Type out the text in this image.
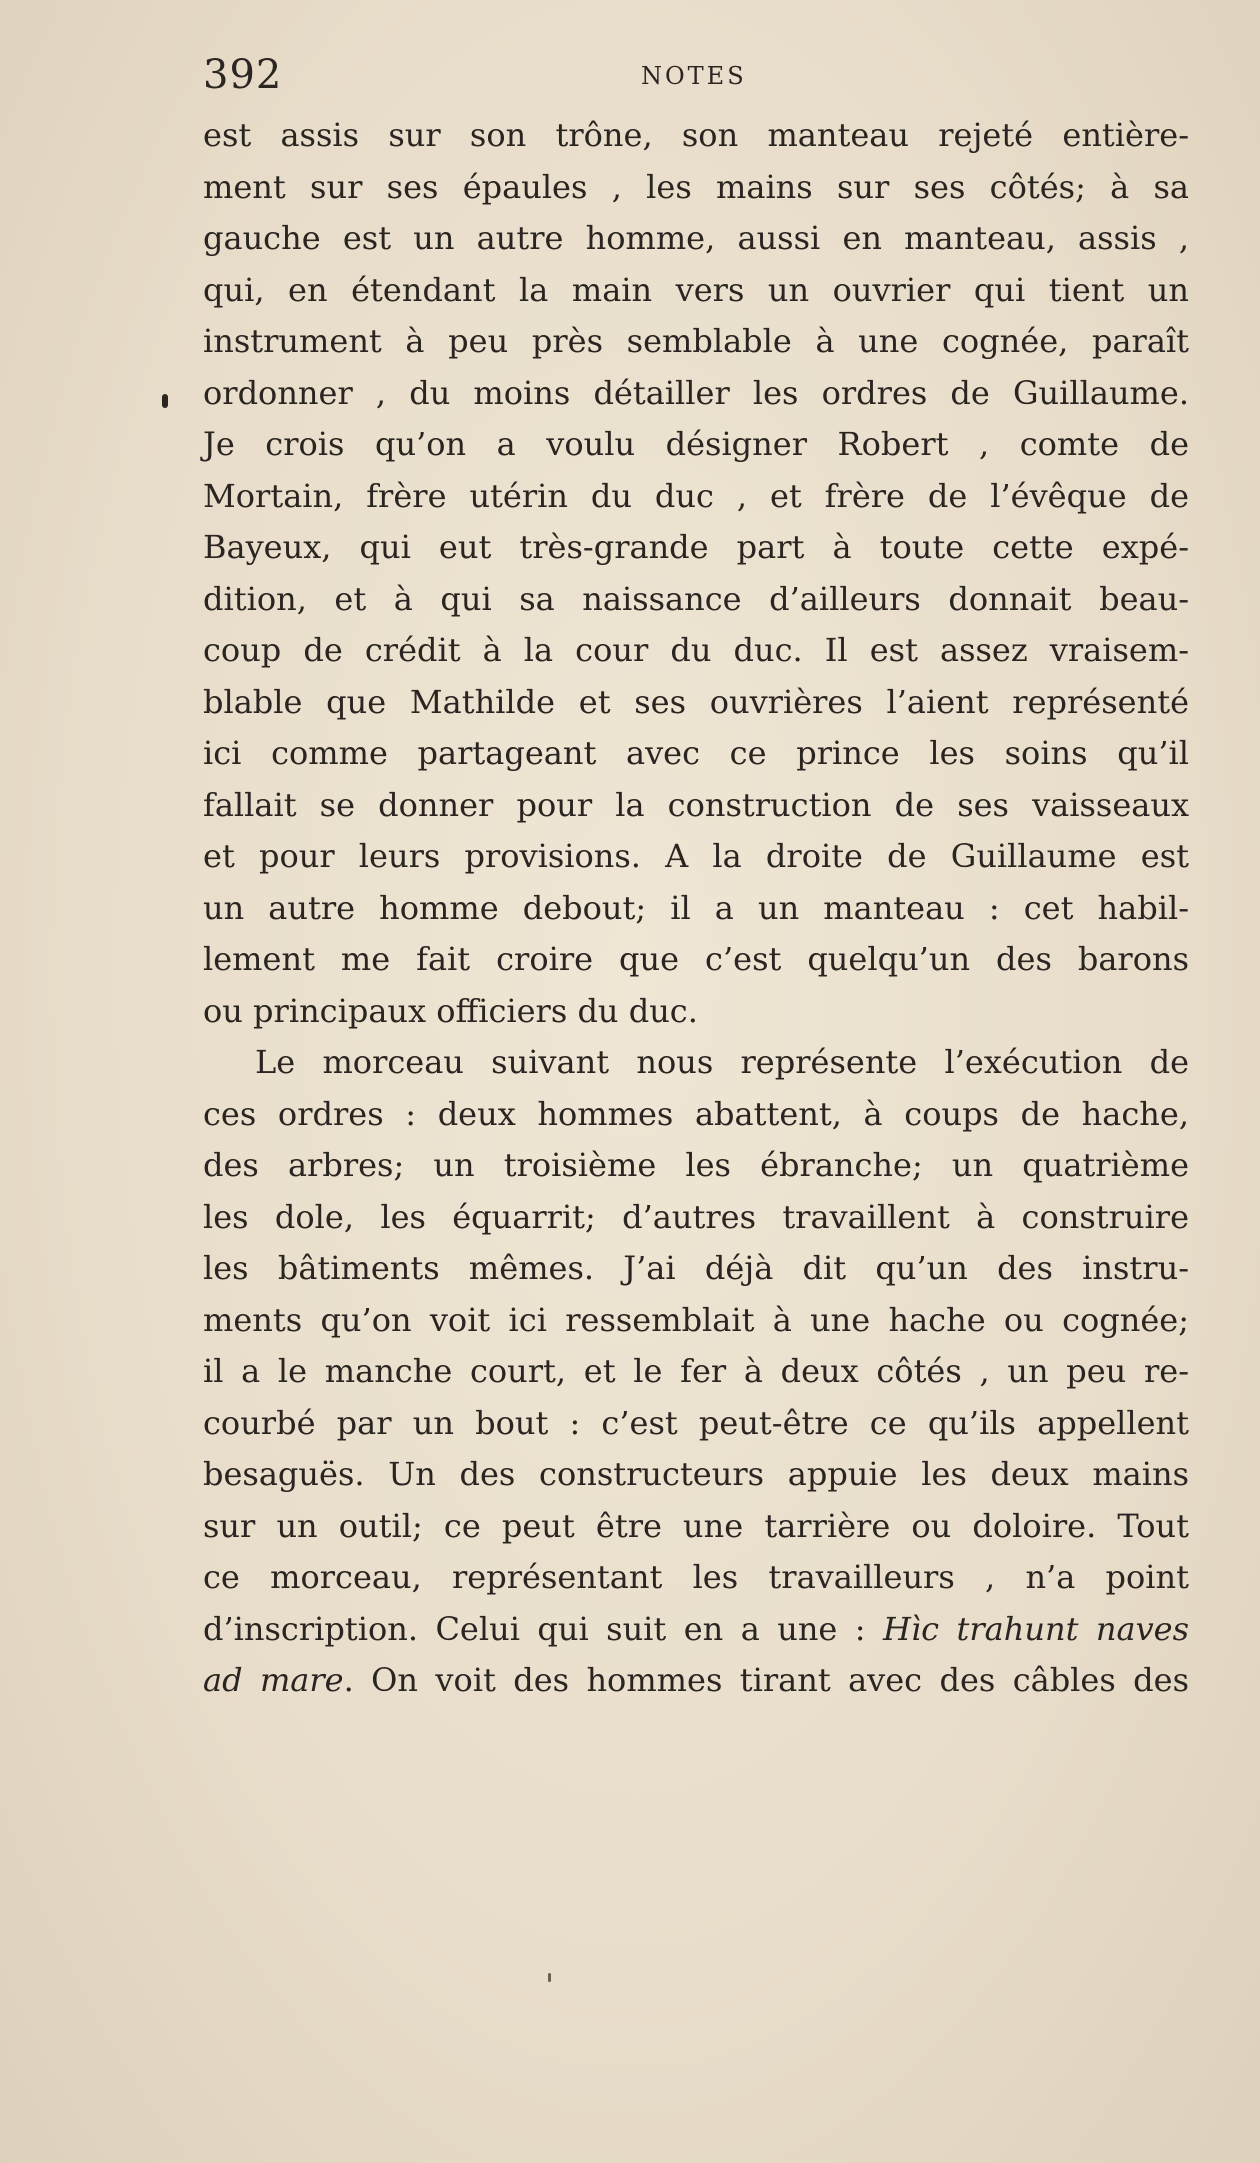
392	NOTES
est assis sur son trône, son manteau rejeté entière-
ment sur ses épaules , les mains sur ses côtés; à sa
gauche est un autre homme, aussi en manteau, assis ,
qui, en étendant la main vers un ouvrier qui tient un
instrument à peu près semblable à une cognée, paraît
ordonner , du moins détailler les ordres de Guillaume.
Je crois qu’on a voulu désigner Robert , comte de
Mortain, frère utérin du duc , et frère de l’évêque de
Bayeux, qui eut très-grande part à toute cette expé-
dition, et à qui sa naissance d’ailleurs donnait beau-
coup de crédit à la cour du duc. Il est assez vraisem-
blable que Mathilde et ses ouvrières l’aient représenté
ici comme partageant avec ce prince les soins qu’il
fallait se donner pour la construction de ses vaisseaux
et pour leurs provisions. A la droite de Guillaume est
un autre homme debout; il a un manteau : cet habil-
lement me fait croire que c’est quelqu’un des barons
ou principaux officiers du duc.
Le morceau suivant nous représente l’exécution de
ces ordres : deux hommes abattent, à coups de hache,
des arbres; un troisième les ébranche; un quatrième
les dole, les équarrit; d’autres travaillent à construire
les bâtiments mêmes. J’ai déjà dit qu’un des instru-
ments qu’on voit ici ressemblait à une hache ou cognée;
il a le manche court, et le fer à deux côtés , un peu re-
courbé par un bout : c’est peut-être ce qu’ils appellent
besaguës. Un des constructeurs appuie les deux mains
sur un outil; ce peut être une tarrière ou doloire. Tout
ce morceau, représentant les travailleurs , n’a point
d’inscription. Celui qui suit en a une : Hìc trahunt naves
ad mare. On voit des hommes tirant avec des câbles des
